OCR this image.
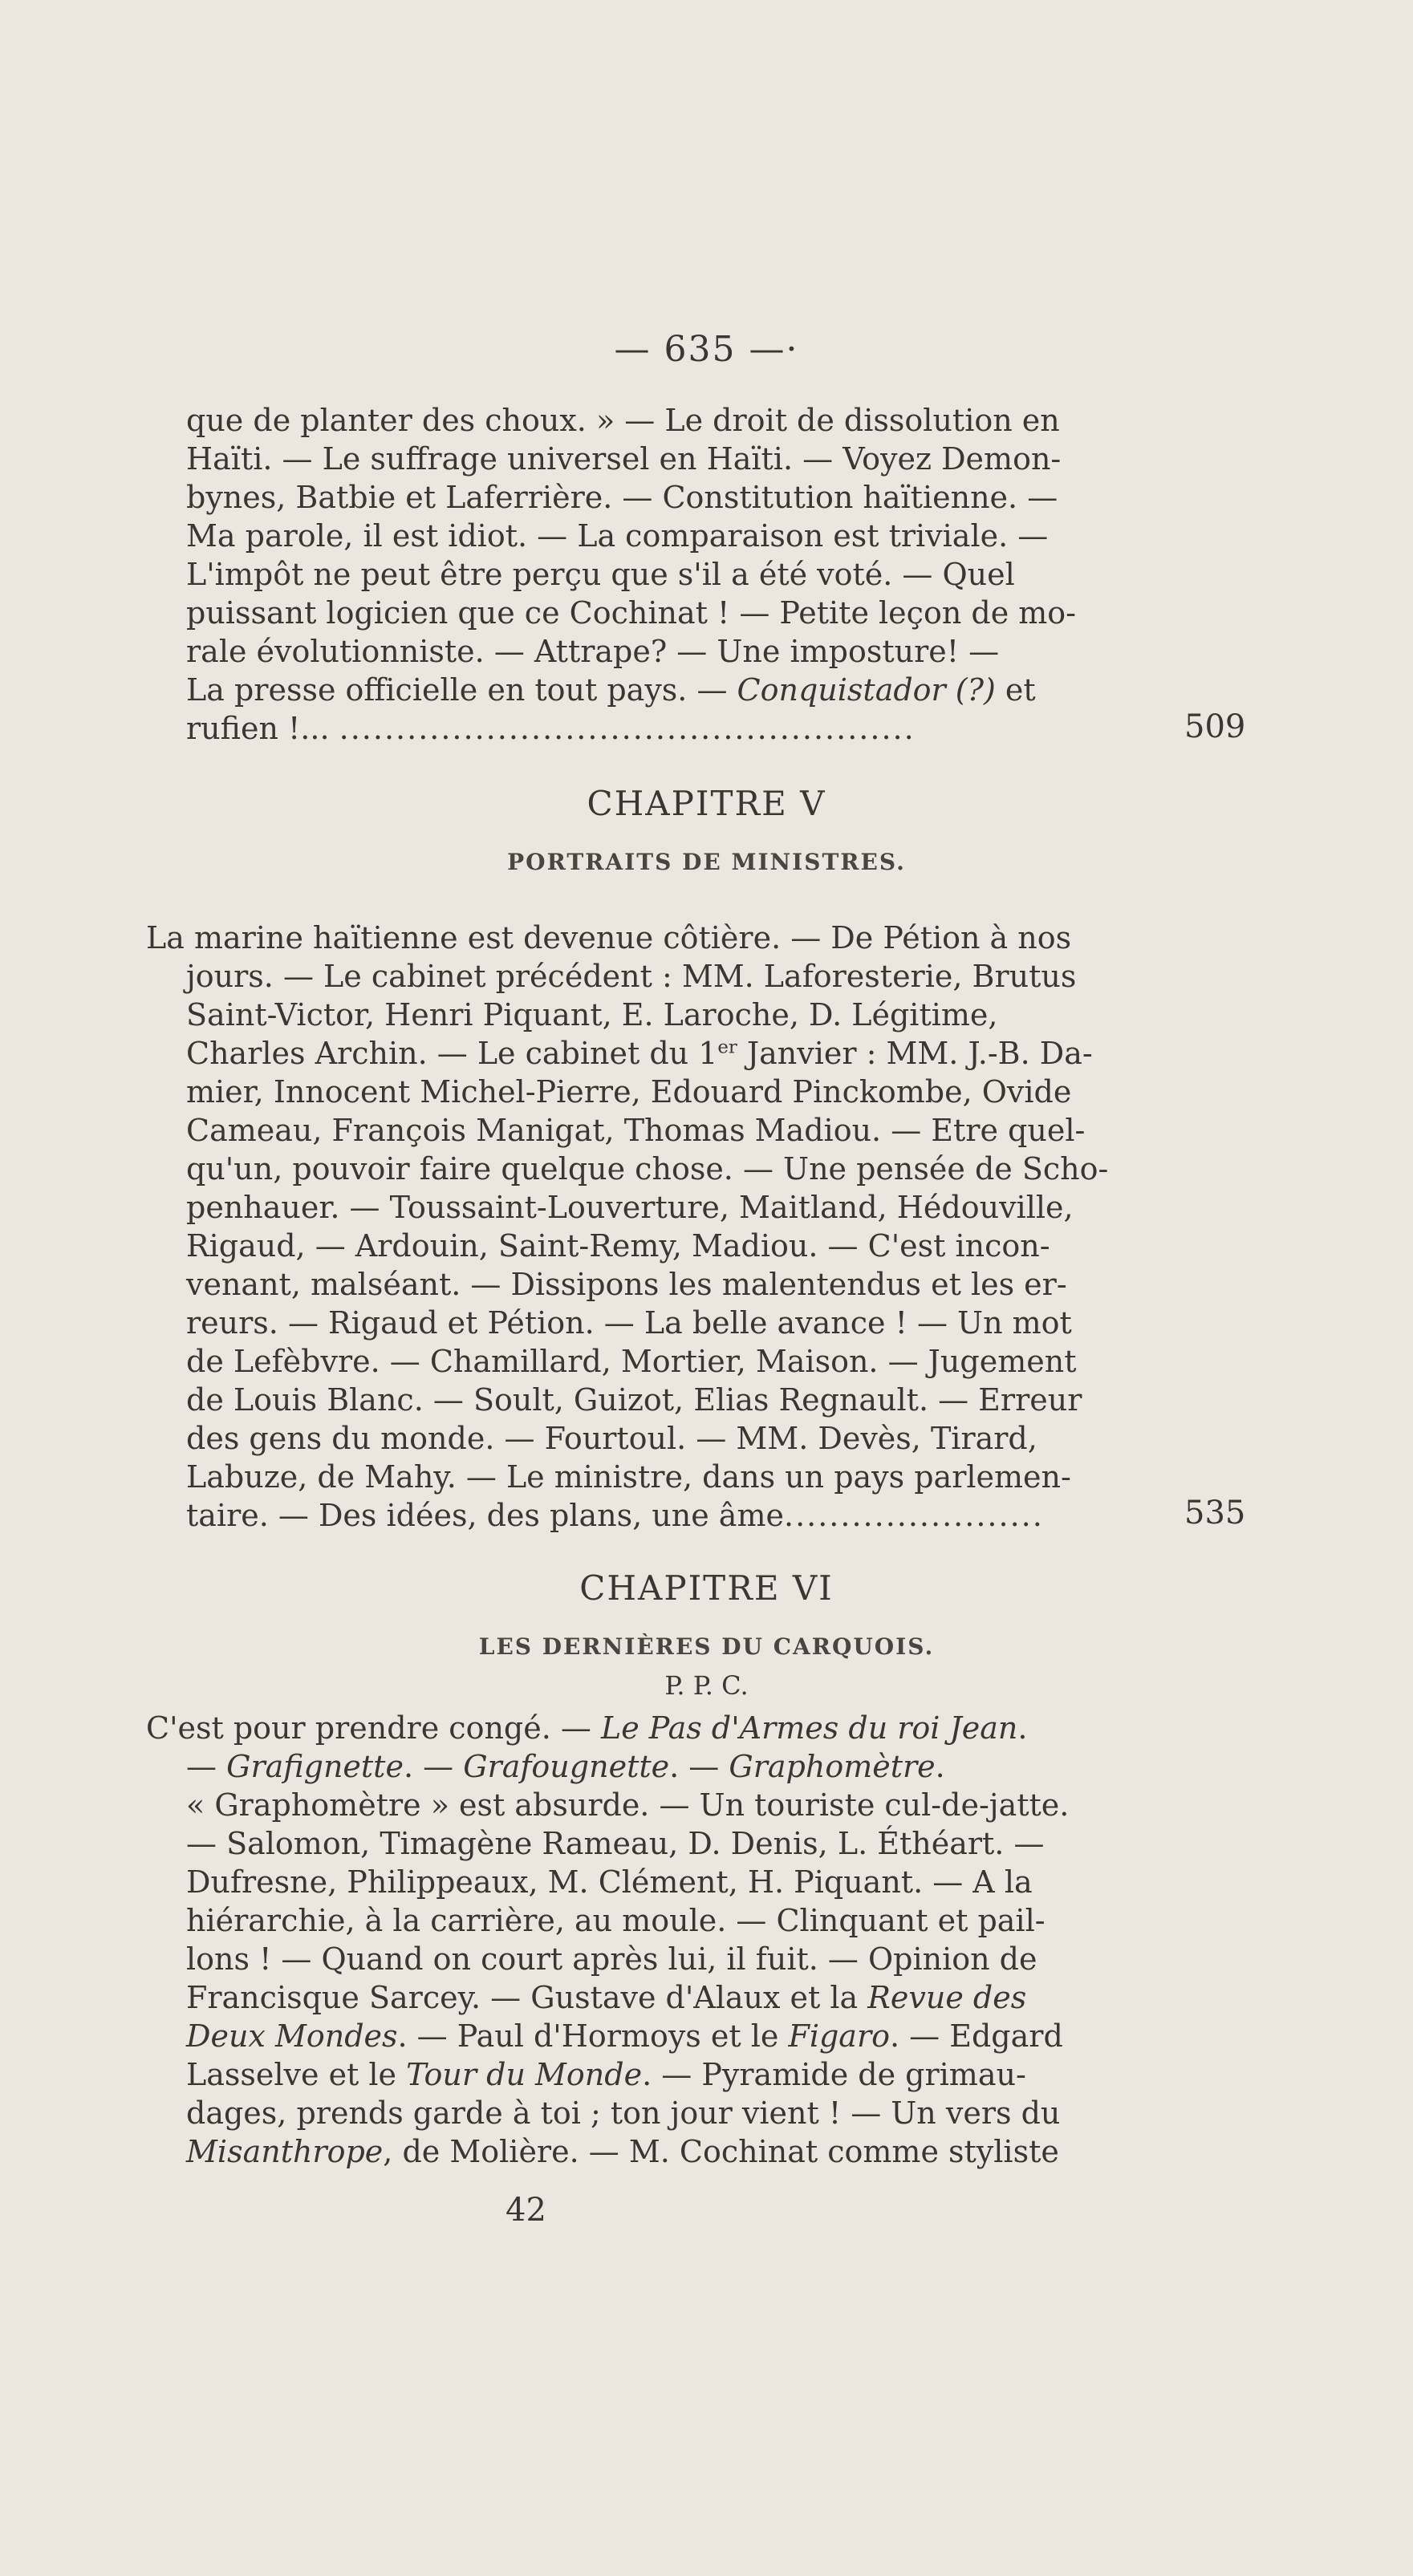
— 635 —·
que de planter des choux. » — Le droit de dissolution en
Haïti. — Le suffrage universel en Haïti. — Voyez Demon-
bynes, Batbie et Laferrière. — Constitution haïtienne. —
Ma parole, il est idiot. — La comparaison est triviale. —
L'impôt ne peut être perçu que s'il a été voté. — Quel
puissant logicien que ce Cochinat ! — Petite leçon de mo-
rale évolutionniste. — Attrape? — Une imposture! —
La presse officielle en tout pays. — Conquistador (?) et
rufien !... ...................................................	509
CHAPITRE V
PORTRAITS DE MINISTRES.
La marine haïtienne est devenue côtière. — De Pétion à nos
jours. — Le cabinet précédent : MM. Laforesterie, Brutus
Saint-Victor, Henri Piquant, E. Laroche, D. Légitime,
Charles Archin. — Le cabinet du 1er Janvier : MM. J.-B. Da-
mier, Innocent Michel-Pierre, Edouard Pinckombe, Ovide
Cameau, François Manigat, Thomas Madiou. — Etre quel-
qu'un, pouvoir faire quelque chose. — Une pensée de Scho-
penhauer. — Toussaint-Louverture, Maitland, Hédouville,
Rigaud, — Ardouin, Saint-Remy, Madiou. — C'est incon-
venant, malséant. — Dissipons les malentendus et les er-
reurs. — Rigaud et Pétion. — La belle avance ! — Un mot
de Lefèbvre. — Chamillard, Mortier, Maison. — Jugement
de Louis Blanc. — Soult, Guizot, Elias Regnault. — Erreur
des gens du monde. — Fourtoul. — MM. Devès, Tirard,
Labuze, de Mahy. — Le ministre, dans un pays parlemen-
taire. — Des idées, des plans, une âme.......................	535
CHAPITRE VI
LES DERNIÈRES DU CARQUOIS.
P. P. C.
C'est pour prendre congé. — Le Pas d'Armes du roi Jean.
— Grafignette. — Grafougnette. — Graphomètre.
« Graphomètre » est absurde. — Un touriste cul-de-jatte.
— Salomon, Timagène Rameau, D. Denis, L. Éthéart. —
Dufresne, Philippeaux, M. Clément, H. Piquant. — A la
hiérarchie, à la carrière, au moule. — Clinquant et pail-
lons ! — Quand on court après lui, il fuit. — Opinion de
Francisque Sarcey. — Gustave d'Alaux et la Revue des
Deux Mondes. — Paul d'Hormoys et le Figaro. — Edgard
Lasselve et le Tour du Monde. — Pyramide de grimau-
dages, prends garde à toi ; ton jour vient ! — Un vers du
Misanthrope, de Molière. — M. Cochinat comme styliste
42
